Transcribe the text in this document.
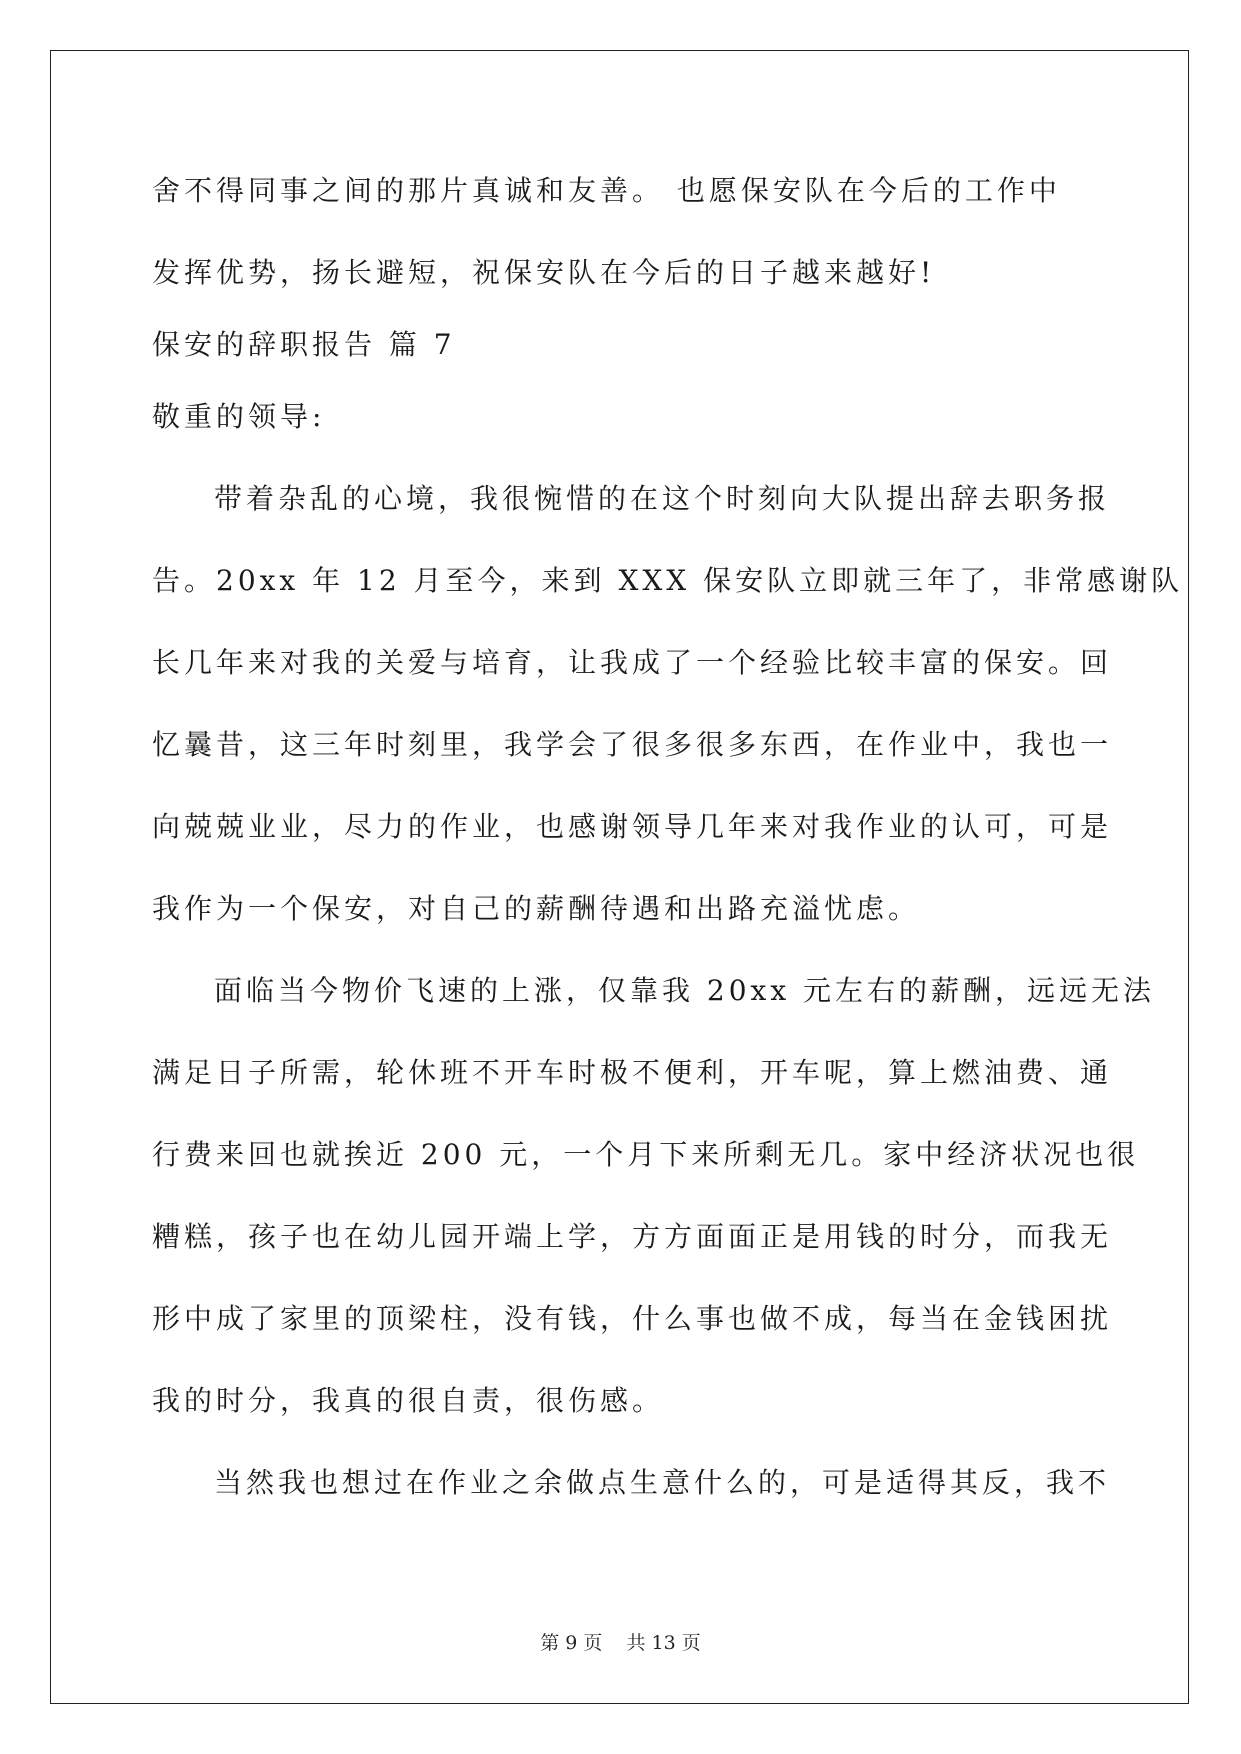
舍不得同事之间的那片真诚和友善。 也愿保安队在今后的工作中
发挥优势，扬长避短，祝保安队在今后的日子越来越好!
保安的辞职报告 篇 7
敬重的领导:
带着杂乱的心境，我很惋惜的在这个时刻向大队提出辞去职务报
告。20xx 年 12 月至今，来到 XXX 保安队立即就三年了，非常感谢队
长几年来对我的关爱与培育，让我成了一个经验比较丰富的保安。回
忆曩昔，这三年时刻里，我学会了很多很多东西，在作业中，我也一
向兢兢业业，尽力的作业，也感谢领导几年来对我作业的认可，可是
我作为一个保安，对自己的薪酬待遇和出路充溢忧虑。
面临当今物价飞速的上涨，仅靠我 20xx 元左右的薪酬，远远无法
满足日子所需，轮休班不开车时极不便利，开车呢，算上燃油费、通
行费来回也就挨近 200 元，一个月下来所剩无几。家中经济状况也很
糟糕，孩子也在幼儿园开端上学，方方面面正是用钱的时分，而我无
形中成了家里的顶梁柱，没有钱，什么事也做不成，每当在金钱困扰
我的时分，我真的很自责，很伤感。
当然我也想过在作业之余做点生意什么的，可是适得其反，我不
第 9 页 共 13 页
